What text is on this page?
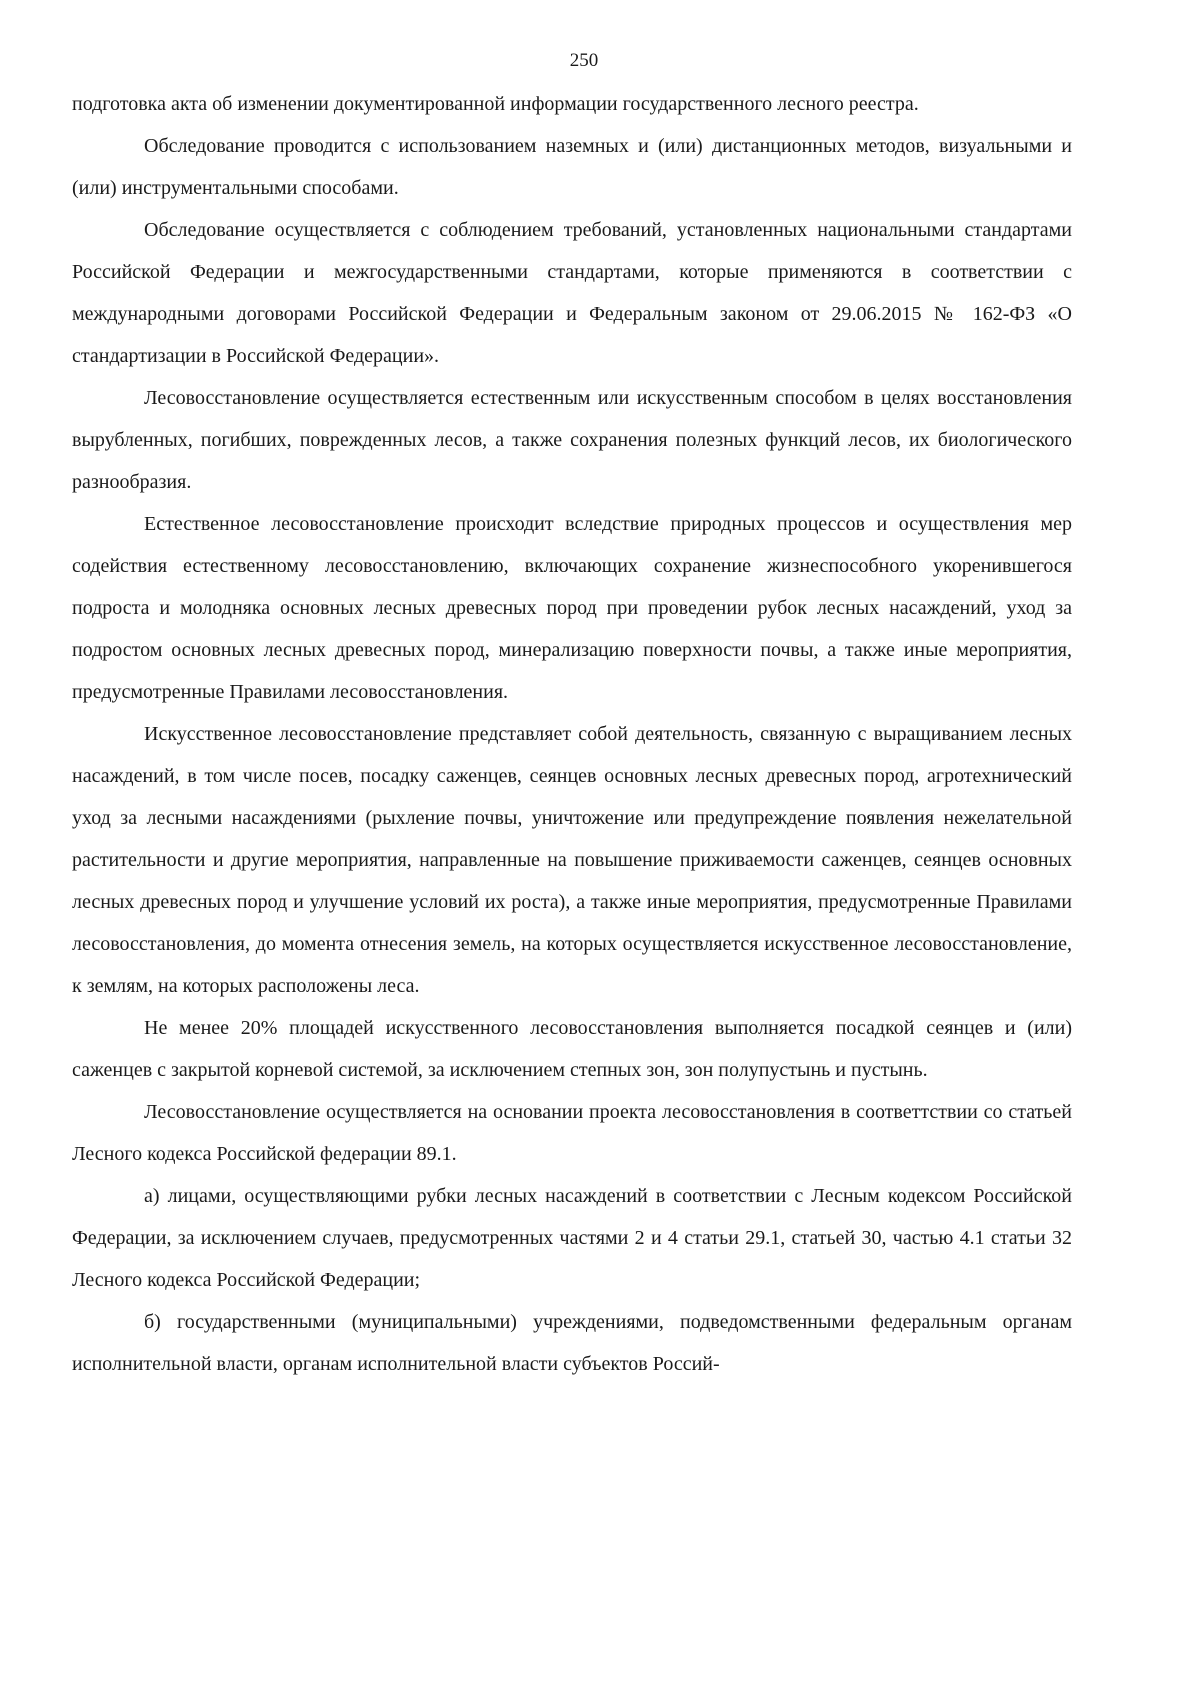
250

подготовка акта об изменении документированной информации государственного лесного реестра.

Обследование проводится с использованием наземных и (или) дистанционных методов, визуальными и (или) инструментальными способами.

Обследование осуществляется с соблюдением требований, установленных национальными стандартами Российской Федерации и межгосударственными стандартами, которые применяются в соответствии с международными договорами Российской Федерации и Федеральным законом от 29.06.2015 № 162-ФЗ «О стандартизации в Российской Федерации».

Лесовосстановление осуществляется естественным или искусственным способом в целях восстановления вырубленных, погибших, поврежденных лесов, а также сохранения полезных функций лесов, их биологического разнообразия.

Естественное лесовосстановление происходит вследствие природных процессов и осуществления мер содействия естественному лесовосстановлению, включающих сохранение жизнеспособного укоренившегося подроста и молодняка основных лесных древесных пород при проведении рубок лесных насаждений, уход за подростом основных лесных древесных пород, минерализацию поверхности почвы, а также иные мероприятия, предусмотренные Правилами лесовосстановления.

Искусственное лесовосстановление представляет собой деятельность, связанную с выращиванием лесных насаждений, в том числе посев, посадку саженцев, сеянцев основных лесных древесных пород, агротехнический уход за лесными насаждениями (рыхление почвы, уничтожение или предупреждение появления нежелательной растительности и другие мероприятия, направленные на повышение приживаемости саженцев, сеянцев основных лесных древесных пород и улучшение условий их роста), а также иные мероприятия, предусмотренные Правилами лесовосстановления, до момента отнесения земель, на которых осуществляется искусственное лесовосстановление, к землям, на которых расположены леса.

Не менее 20% площадей искусственного лесовосстановления выполняется посадкой сеянцев и (или) саженцев с закрытой корневой системой, за исключением степных зон, зон полупустынь и пустынь.

Лесовосстановление осуществляется на основании проекта лесовосстановления в соответтствии со статьей Лесного кодекса Российской федерации 89.1.

а) лицами, осуществляющими рубки лесных насаждений в соответствии с Лесным кодексом Российской Федерации, за исключением случаев, предусмотренных частями 2 и 4 статьи 29.1, статьей 30, частью 4.1 статьи 32 Лесного кодекса Российской Федерации;

б) государственными (муниципальными) учреждениями, подведомственными федеральным органам исполнительной власти, органам исполнительной власти субъектов Россий-
